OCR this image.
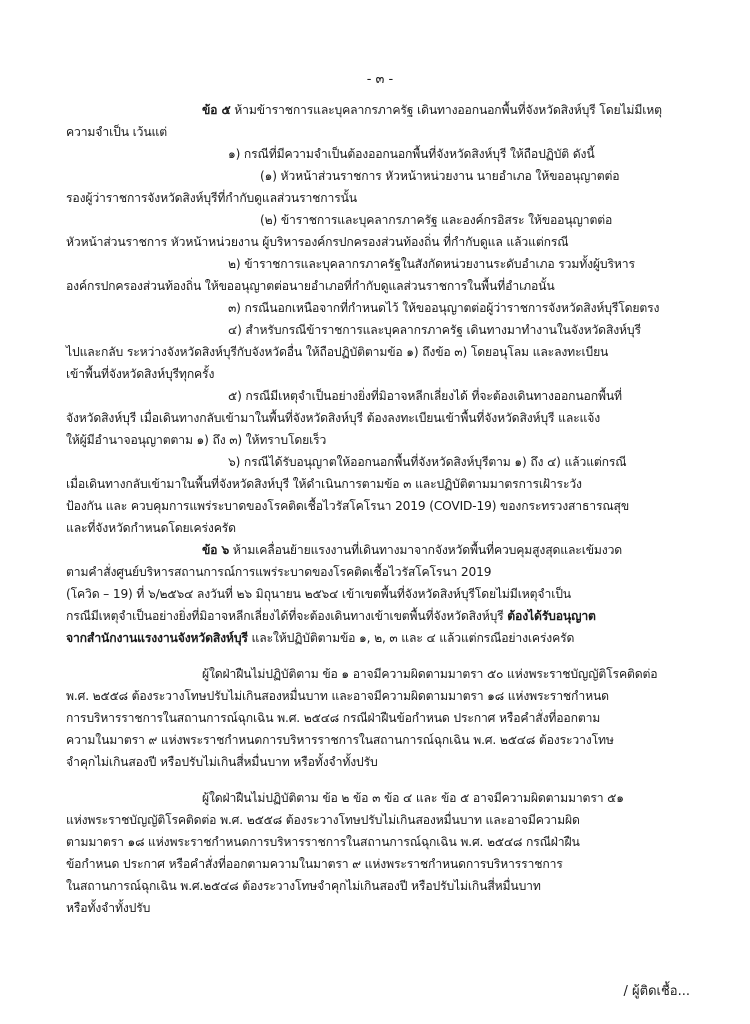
- ๓ -

ข้อ ๕ ห้ามข้าราชการและบุคลากรภาครัฐ เดินทางออกนอกพื้นที่จังหวัดสิงห์บุรี โดยไม่มีเหตุ

ความจำเป็น เว้นแต่

๑) กรณีที่มีความจำเป็นต้องออกนอกพื้นที่จังหวัดสิงห์บุรี ให้ถือปฏิบัติ ดังนี้

(๑) หัวหน้าส่วนราชการ หัวหน้าหน่วยงาน นายอำเภอ ให้ขออนุญาตต่อ

รองผู้ว่าราชการจังหวัดสิงห์บุรีที่กำกับดูแลส่วนราชการนั้น

(๒) ข้าราชการและบุคลากรภาครัฐ และองค์กรอิสระ ให้ขออนุญาตต่อ

หัวหน้าส่วนราชการ หัวหน้าหน่วยงาน ผู้บริหารองค์กรปกครองส่วนท้องถิ่น ที่กำกับดูแล แล้วแต่กรณี

๒) ข้าราชการและบุคลากรภาครัฐในสังกัดหน่วยงานระดับอำเภอ รวมทั้งผู้บริหาร

องค์กรปกครองส่วนท้องถิ่น ให้ขออนุญาตต่อนายอำเภอที่กำกับดูแลส่วนราชการในพื้นที่อำเภอนั้น

๓) กรณีนอกเหนือจากที่กำหนดไว้ ให้ขออนุญาตต่อผู้ว่าราชการจังหวัดสิงห์บุรีโดยตรง

๔) สำหรับกรณีข้าราชการและบุคลากรภาครัฐ เดินทางมาทำงานในจังหวัดสิงห์บุรี

ไปและกลับ ระหว่างจังหวัดสิงห์บุรีกับจังหวัดอื่น ให้ถือปฏิบัติตามข้อ ๑) ถึงข้อ ๓) โดยอนุโลม และลงทะเบียน

เข้าพื้นที่จังหวัดสิงห์บุรีทุกครั้ง

๕) กรณีมีเหตุจำเป็นอย่างยิ่งที่มิอาจหลีกเลี่ยงได้ ที่จะต้องเดินทางออกนอกพื้นที่

จังหวัดสิงห์บุรี เมื่อเดินทางกลับเข้ามาในพื้นที่จังหวัดสิงห์บุรี ต้องลงทะเบียนเข้าพื้นที่จังหวัดสิงห์บุรี และแจ้ง

ให้ผู้มีอำนาจอนุญาตตาม ๑) ถึง ๓) ให้ทราบโดยเร็ว

๖) กรณีได้รับอนุญาตให้ออกนอกพื้นที่จังหวัดสิงห์บุรีตาม ๑) ถึง ๔) แล้วแต่กรณี

เมื่อเดินทางกลับเข้ามาในพื้นที่จังหวัดสิงห์บุรี ให้ดำเนินการตามข้อ ๓ และปฏิบัติตามมาตรการเฝ้าระวัง

ป้องกัน และ ควบคุมการแพร่ระบาดของโรคติดเชื้อไวรัสโคโรนา 2019 (COVID-19) ของกระทรวงสาธารณสุข

และที่จังหวัดกำหนดโดยเคร่งครัด

ข้อ ๖ ห้ามเคลื่อนย้ายแรงงานที่เดินทางมาจากจังหวัดพื้นที่ควบคุมสูงสุดและเข้มงวด

ตามคำสั่งศูนย์บริหารสถานการณ์การแพร่ระบาดของโรคติดเชื้อไวรัสโคโรนา 2019

(โควิด – 19) ที่ ๖/๒๕๖๔ ลงวันที่ ๒๖ มิถุนายน ๒๕๖๔ เข้าเขตพื้นที่จังหวัดสิงห์บุรีโดยไม่มีเหตุจำเป็น

กรณีมีเหตุจำเป็นอย่างยิ่งที่มิอาจหลีกเลี่ยงได้ที่จะต้องเดินทางเข้าเขตพื้นที่จังหวัดสิงห์บุรี ต้องได้รับอนุญาต

จากสำนักงานแรงงานจังหวัดสิงห์บุรี และให้ปฏิบัติตามข้อ ๑, ๒, ๓ และ ๔ แล้วแต่กรณีอย่างเคร่งครัด

ผู้ใดฝ่าฝืนไม่ปฏิบัติตาม ข้อ ๑ อาจมีความผิดตามมาตรา ๕๐ แห่งพระราชบัญญัติโรคติดต่อ

พ.ศ. ๒๕๕๘ ต้องระวางโทษปรับไม่เกินสองหมื่นบาท และอาจมีความผิดตามมาตรา ๑๘ แห่งพระราชกำหนด

การบริหารราชการในสถานการณ์ฉุกเฉิน พ.ศ. ๒๕๔๘ กรณีฝ่าฝืนข้อกำหนด ประกาศ หรือคำสั่งที่ออกตาม

ความในมาตรา ๙ แห่งพระราชกำหนดการบริหารราชการในสถานการณ์ฉุกเฉิน พ.ศ. ๒๕๔๘ ต้องระวางโทษ

จำคุกไม่เกินสองปี หรือปรับไม่เกินสี่หมื่นบาท หรือทั้งจำทั้งปรับ

ผู้ใดฝ่าฝืนไม่ปฏิบัติตาม ข้อ ๒ ข้อ ๓ ข้อ ๔ และ ข้อ ๕ อาจมีความผิดตามมาตรา ๕๑

แห่งพระราชบัญญัติโรคติดต่อ พ.ศ. ๒๕๕๘ ต้องระวางโทษปรับไม่เกินสองหมื่นบาท และอาจมีความผิด

ตามมาตรา ๑๘ แห่งพระราชกำหนดการบริหารราชการในสถานการณ์ฉุกเฉิน พ.ศ. ๒๕๔๘ กรณีฝ่าฝืน

ข้อกำหนด ประกาศ หรือคำสั่งที่ออกตามความในมาตรา ๙ แห่งพระราชกำหนดการบริหารราชการ

ในสถานการณ์ฉุกเฉิน พ.ศ.๒๕๔๘ ต้องระวางโทษจำคุกไม่เกินสองปี หรือปรับไม่เกินสี่หมื่นบาท

หรือทั้งจำทั้งปรับ

/ ผู้ติดเชื้อ...
